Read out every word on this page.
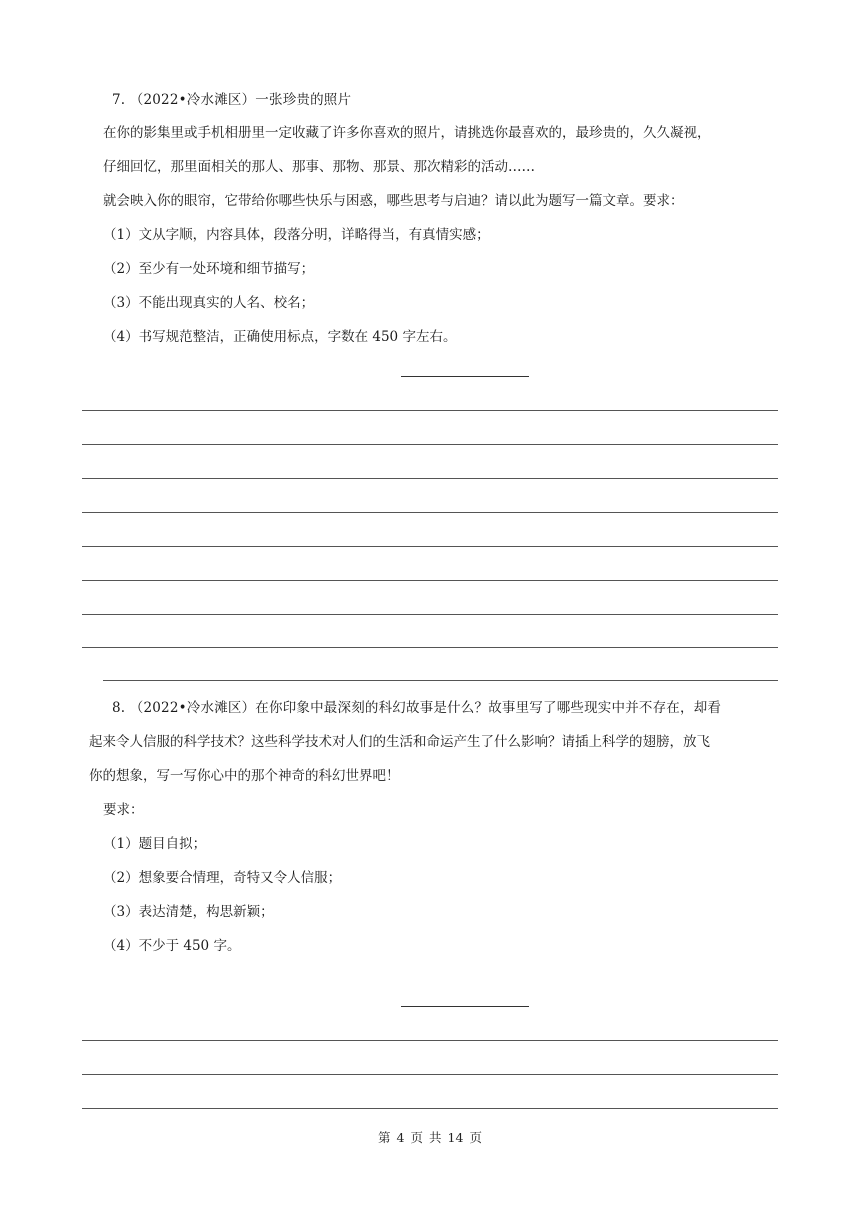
7. （2022•冷水滩区）一张珍贵的照片
在你的影集里或手机相册里一定收藏了许多你喜欢的照片，请挑选你最喜欢的，最珍贵的，久久凝视，
仔细回忆，那里面相关的那人、那事、那物、那景、那次精彩的活动……
就会映入你的眼帘，它带给你哪些快乐与困惑，哪些思考与启迪？请以此为题写一篇文章。要求：
（1）文从字顺，内容具体，段落分明，详略得当，有真情实感；
（2）至少有一处环境和细节描写；
（3）不能出现真实的人名、校名；
（4）书写规范整洁，正确使用标点，字数在 450 字左右。
8. （2022•冷水滩区）在你印象中最深刻的科幻故事是什么？故事里写了哪些现实中并不存在，却看
起来令人信服的科学技术？这些科学技术对人们的生活和命运产生了什么影响？请插上科学的翅膀，放飞
你的想象，写一写你心中的那个神奇的科幻世界吧！
要求：
（1）题目自拟；
（2）想象要合情理，奇特又令人信服；
（3）表达清楚，构思新颖；
（4）不少于 450 字。
第 4 页 共 14 页
